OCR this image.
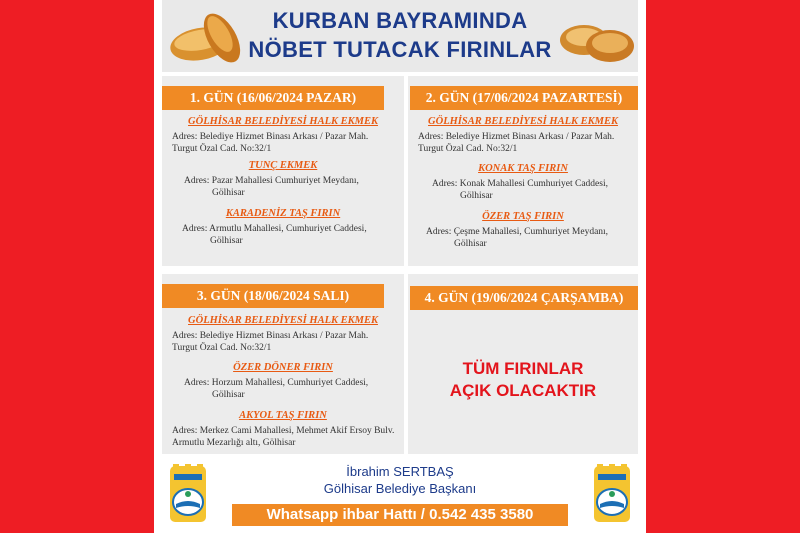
KURBAN BAYRAMINDA
NÖBET TUTACAK FIRINLAR
1. GÜN (16/06/2024 PAZAR)
GÖLHİSAR BELEDİYESİ HALK EKMEK
Adres: Belediye Hizmet Binası Arkası / Pazar Mah.
Turgut Özal Cad. No:32/1
TUNÇ EKMEK
Adres: Pazar Mahallesi Cumhuriyet Meydanı,
Gölhisar
KARADENİZ TAŞ FIRIN
Adres: Armutlu Mahallesi, Cumhuriyet Caddesi,
Gölhisar
2. GÜN (17/06/2024 PAZARTESİ)
GÖLHİSAR BELEDİYESİ HALK EKMEK
Adres: Belediye Hizmet Binası Arkası / Pazar Mah.
Turgut Özal Cad. No:32/1
KONAK TAŞ FIRIN
Adres: Konak Mahallesi Cumhuriyet Caddesi,
Gölhisar
ÖZER TAŞ FIRIN
Adres: Çeşme Mahallesi, Cumhuriyet Meydanı,
Gölhisar
3. GÜN (18/06/2024 SALI)
GÖLHİSAR BELEDİYESİ HALK EKMEK
Adres: Belediye Hizmet Binası Arkası / Pazar Mah.
Turgut Özal Cad. No:32/1
ÖZER DÖNER FIRIN
Adres: Horzum Mahallesi, Cumhuriyet Caddesi,
Gölhisar
AKYOL TAŞ FIRIN
Adres: Merkez Cami Mahallesi, Mehmet Akif Ersoy Bulv.
Armutlu Mezarlığı altı, Gölhisar
4. GÜN (19/06/2024 ÇARŞAMBA)
TÜM FIRINLAR
AÇIK OLACAKTIR
İbrahim SERTBAŞ
Gölhisar Belediye Başkanı
Whatsapp ihbar Hattı / 0.542 435 3580
